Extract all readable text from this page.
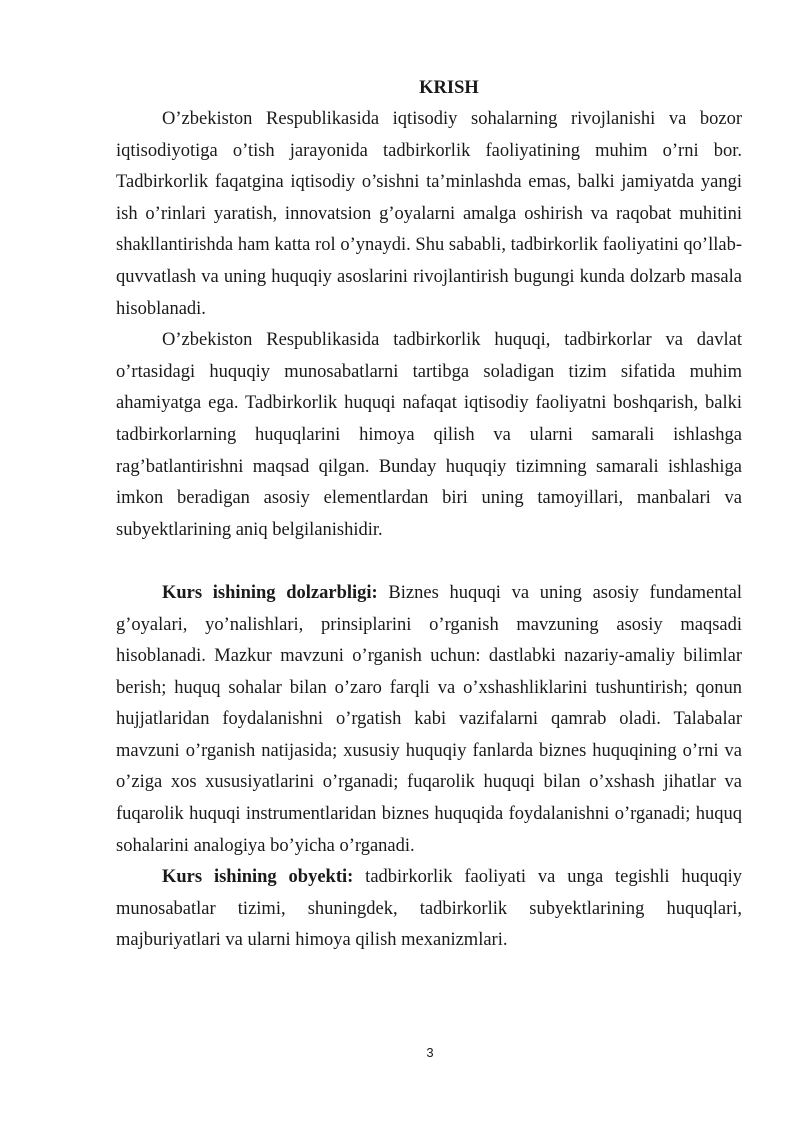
KRISH

O’zbekiston Respublikasida iqtisodiy sohalarning rivojlanishi va bozor iqtisodiyotiga o’tish jarayonida tadbirkorlik faoliyatining muhim o’rni bor. Tadbirkorlik faqatgina iqtisodiy o’sishni ta’minlashda emas, balki jamiyatda yangi ish o’rinlari yaratish, innovatsion g’oyalarni amalga oshirish va raqobat muhitini shakllantirishda ham katta rol o’ynaydi. Shu sababli, tadbirkorlik faoliyatini qo’llab-quvvatlash va uning huquqiy asoslarini rivojlantirish bugungi kunda dolzarb masala hisoblanadi.

O’zbekiston Respublikasida tadbirkorlik huquqi, tadbirkorlar va davlat o’rtasidagi huquqiy munosabatlarni tartibga soladigan tizim sifatida muhim ahamiyatga ega. Tadbirkorlik huquqi nafaqat iqtisodiy faoliyatni boshqarish, balki tadbirkorlarning huquqlarini himoya qilish va ularni samarali ishlashga rag’batlantirishni maqsad qilgan. Bunday huquqiy tizimning samarali ishlashiga imkon beradigan asosiy elementlardan biri uning tamoyillari, manbalari va subyektlarining aniq belgilanishidir.

Kurs ishining dolzarbligi: Biznes huquqi va uning asosiy fundamental g’oyalari, yo’nalishlari, prinsiplarini o’rganish mavzuning asosiy maqsadi hisoblanadi. Mazkur mavzuni o’rganish uchun: dastlabki nazariy-amaliy bilimlar berish; huquq sohalar bilan o’zaro farqli va o’xshashliklarini tushuntirish; qonun hujjatlaridan foydalanishni o’rgatish kabi vazifalarni qamrab oladi. Talabalar mavzuni o’rganish natijasida; xususiy huquqiy fanlarda biznes huquqining o’rni va o’ziga xos xususiyatlarini o’rganadi; fuqarolik huquqi bilan o’xshash jihatlar va fuqarolik huquqi instrumentlaridan biznes huquqida foydalanishni o’rganadi; huquq sohalarini analogiya bo’yicha o’rganadi.

Kurs ishining obyekti: tadbirkorlik faoliyati va unga tegishli huquqiy munosabatlar tizimi, shuningdek, tadbirkorlik subyektlarining huquqlari, majburiyatlari va ularni himoya qilish mexanizmlari.

3
